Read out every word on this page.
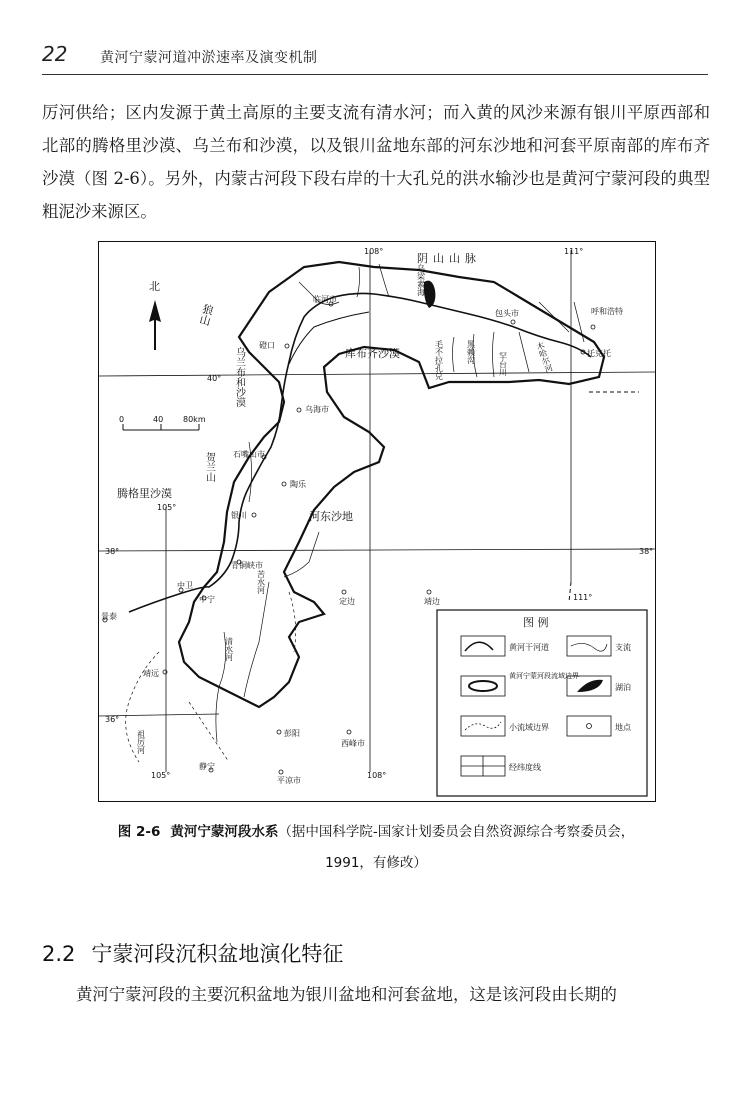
22 黄河宁蒙河道冲淤速率及演变机制

厉河供给；区内发源于黄土高原的主要支流有清水河；而入黄的风沙来源有银川平原西部和北部的腾格里沙漠、乌兰布和沙漠，以及银川盆地东部的河东沙地和河套平原南部的库布齐沙漠（图 2-6）。另外，内蒙古河段下段右岸的十大孔兑的洪水输沙也是黄河宁蒙河段的典型粗泥沙来源区。

北
0	40 80km
108°	111°
40°
38°	38°
36°
105°
105°	108°
111°
阴山山脉
狼山
贺兰山
库布齐沙漠
乌兰布和沙漠
腾格里沙漠
河东沙地
乌梁素海
临河市
包头市	呼和浩特
托克托
磴口
乌海市
石嘴山市
陶乐
银川
青铜峡市
中卫
中宁
景泰
靖远
定边	靖边
彭阳
西峰市
静宁
平凉市
毛不拉孔兑	黑赖沟	罕台川	木哈尔河
苦水河
清水河
祖厉河
图 例
黄河干河道	支流
黄河宁蒙河段流域边界
湖泊
小流域边界	地点
经纬度线
图 2-6 黄河宁蒙河段水系（据中国科学院-国家计划委员会自然资源综合考察委员会，
1991，有修改）
2.2 宁蒙河段沉积盆地演化特征

黄河宁蒙河段的主要沉积盆地为银川盆地和河套盆地，这是该河段由长期的
